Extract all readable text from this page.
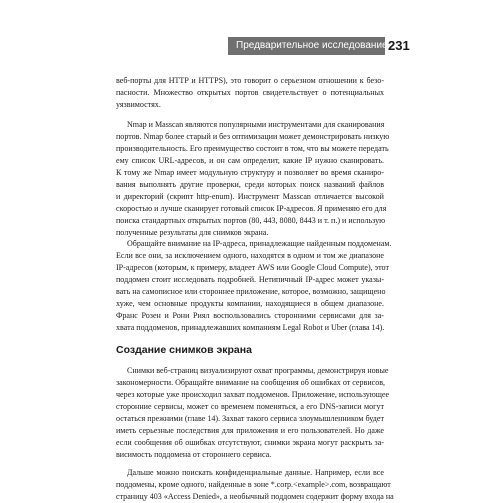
Предварительное исследование 231
веб-порты для HTTP и HTTPS), это говорит о серьезном отношении к безо-
пасности. Множество открытых портов свидетельствует о потенциальных
уязвимостях.
Nmap и Masscan являются популярными инструментами для сканирования
портов. Nmap более старый и без оптимизации может демонстрировать низкую
производительность. Его преимущество состоит в том, что вы можете передать
ему список URL-адресов, и он сам определит, какие IP нужно сканировать.
К тому же Nmap имеет модульную структуру и позволяет во время сканиро-
вания выполнять другие проверки, среди которых поиск названий файлов
и директорий (скрипт http-enum). Инструмент Masscan отличается высокой
скоростью и лучше сканирует готовый список IP-адресов. Я применяю его для
поиска стандартных открытых портов (80, 443, 8080, 8443 и т. п.) и использую
полученные результаты для снимков экрана.
Обращайте внимание на IP-адреса, принадлежащие найденным поддоменам.
Если все они, за исключением одного, находятся в одном и том же диапазоне
IP-адресов (которым, к примеру, владеет AWS или Google Cloud Compute), этот
поддомен стоит исследовать подробней. Нетипичный IP-адрес может указы-
вать на самописное или стороннее приложение, которое, возможно, защищено
хуже, чем основные продукты компании, находящиеся в общем диапазоне.
Франс Розен и Рони Риял воспользовались сторонними сервисами для за-
хвата поддоменов, принадлежавших компаниям Legal Robot и Uber (глава 14).
Создание снимков экрана
Снимки веб-страниц визуализируют охват программы, демонстрируя новые
закономерности. Обращайте внимание на сообщения об ошибках от сервисов,
через которые уже происходил захват поддоменов. Приложение, использующее
сторонние сервисы, может со временем поменяться, а его DNS-записи могут
остаться прежними (главе 14). Захват такого сервиса злоумышленником будет
иметь серьезные последствия для приложения и его пользователей. Но даже
если сообщения об ошибках отсутствуют, снимки экрана могут раскрыть за-
висимость поддомена от стороннего сервиса.
Дальше можно поискать конфиденциальные данные. Например, если все
поддомены, кроме одного, найденные в зоне *.corp.<example>.com, возвращают
страницу 403 «Access Denied», а необычный поддомен содержит форму входа на
